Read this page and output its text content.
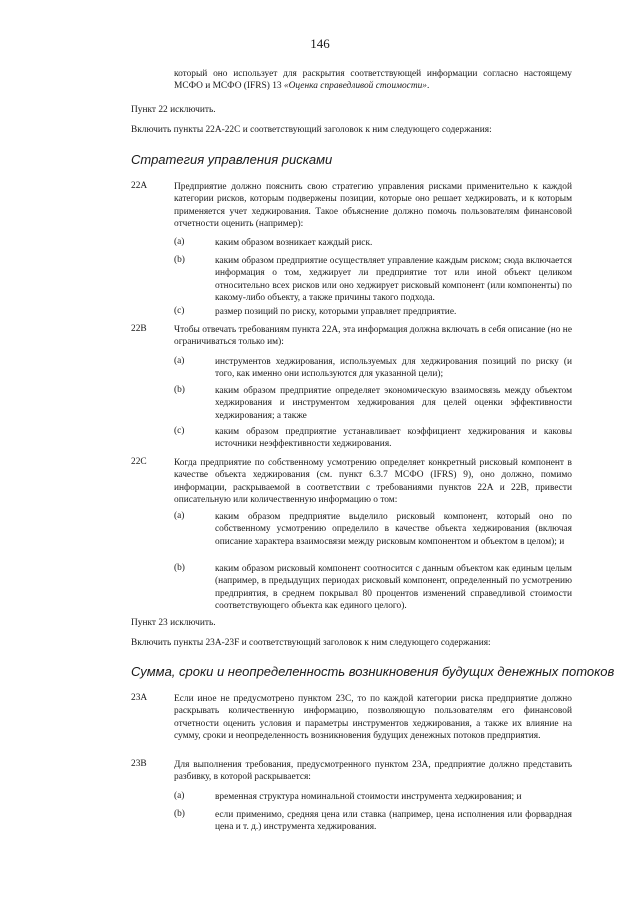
146

который оно использует для раскрытия соответствующей информации согласно настоящему МСФО и МСФО (IFRS) 13 «Оценка справедливой стоимости».

Пункт 22 исключить.

Включить пункты 22А-22С и соответствующий заголовок к ним следующего содержания:

Стратегия управления рисками
22А	Предприятие должно пояснить свою стратегию управления рисками применительно к каждой категории рисков, которым подвержены позиции, которые оно решает хеджировать, и к которым применяется учет хеджирования. Такое объяснение должно помочь пользователям финансовой отчетности оценить (например):

(a)	каким образом возникает каждый риск.

(b)	каким образом предприятие осуществляет управление каждым риском; сюда включается информация о том, хеджирует ли предприятие тот или иной объект целиком относительно всех рисков или оно хеджирует рисковый компонент (или компоненты) по какому-либо объекту, а также причины такого подхода.

(c)	размер позиций по риску, которыми управляет предприятие.

22В	Чтобы отвечать требованиям пункта 22А, эта информация должна включать в себя описание (но не ограничиваться только им):

(a)	инструментов хеджирования, используемых для хеджирования позиций по риску (и того, как именно они используются для указанной цели);

(b)	каким образом предприятие определяет экономическую взаимосвязь между объектом хеджирования и инструментом хеджирования для целей оценки эффективности хеджирования; а также

(c)	каким образом предприятие устанавливает коэффициент хеджирования и каковы источники неэффективности хеджирования.

22С	Когда предприятие по собственному усмотрению определяет конкретный рисковый компонент в качестве объекта хеджирования (см. пункт 6.3.7 МСФО (IFRS) 9), оно должно, помимо информации, раскрываемой в соответствии с требованиями пунктов 22А и 22В, привести описательную или количественную информацию о том:

(a)	каким образом предприятие выделило рисковый компонент, который оно по собственному усмотрению определило в качестве объекта хеджирования (включая описание характера взаимосвязи между рисковым компонентом и объектом в целом); и

(b)	каким образом рисковый компонент соотносится с данным объектом как единым целым (например, в предыдущих периодах рисковый компонент, определенный по усмотрению предприятия, в среднем покрывал 80 процентов изменений справедливой стоимости соответствующего объекта как единого целого).

Пункт 23 исключить.

Включить пункты 23А-23F и соответствующий заголовок к ним следующего содержания:

Сумма, сроки и неопределенность возникновения будущих денежных потоков
23А	Если иное не предусмотрено пунктом 23С, то по каждой категории риска предприятие должно раскрывать количественную информацию, позволяющую пользователям его финансовой отчетности оценить условия и параметры инструментов хеджирования, а также их влияние на сумму, сроки и неопределенность возникновения будущих денежных потоков предприятия.

23В	Для выполнения требования, предусмотренного пунктом 23А, предприятие должно представить разбивку, в которой раскрывается:

(a)	временная структура номинальной стоимости инструмента хеджирования; и

(b)	если применимо, средняя цена или ставка (например, цена исполнения или форвардная цена и т. д.) инструмента хеджирования.
